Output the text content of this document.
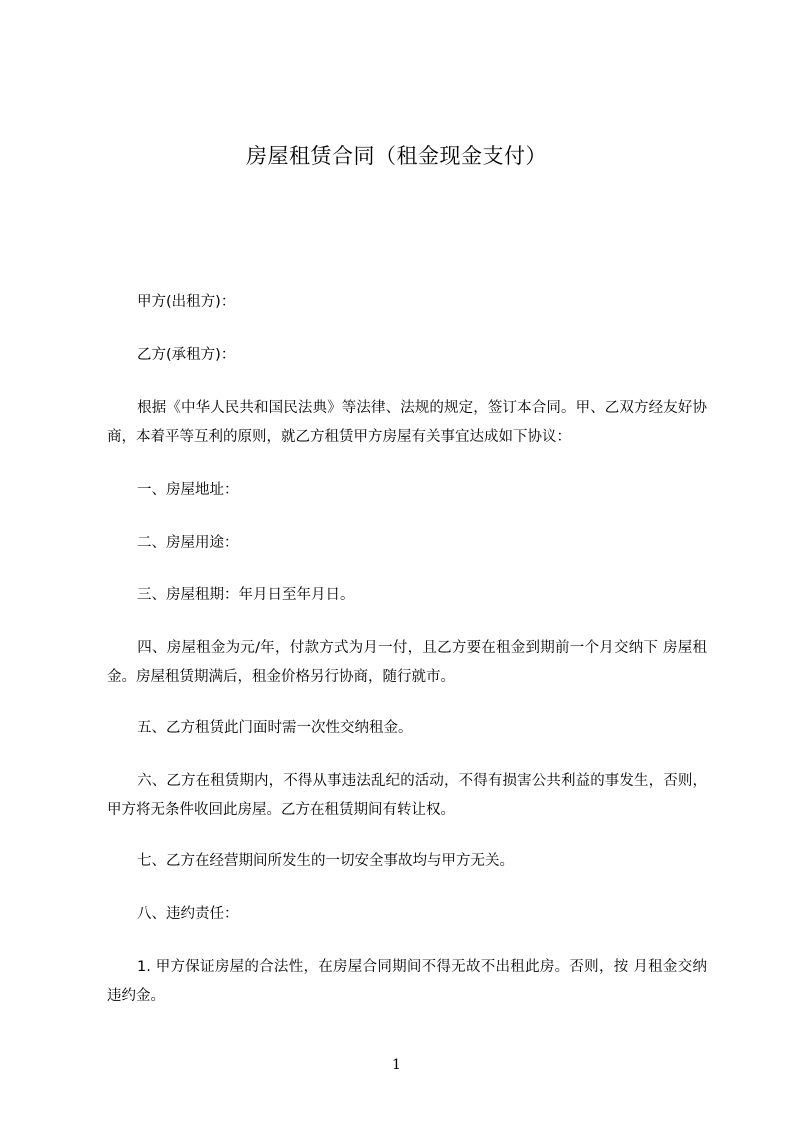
房屋租赁合同（租金现金支付）
甲方(出租方)：
乙方(承租方)：
根据《中华人民共和国民法典》等法律、法规的规定，签订本合同。甲、乙双方经友好协商，本着平等互利的原则，就乙方租赁甲方房屋有关事宜达成如下协议：
一、房屋地址：
二、房屋用途：
三、房屋租期：年月日至年月日。
四、房屋租金为元/年，付款方式为月一付，且乙方要在租金到期前一个月交纳下 房屋租金。房屋租赁期满后，租金价格另行协商，随行就市。
五、乙方租赁此门面时需一次性交纳租金。
六、乙方在租赁期内，不得从事违法乱纪的活动，不得有损害公共利益的事发生，否则，甲方将无条件收回此房屋。乙方在租赁期间有转让权。
七、乙方在经营期间所发生的一切安全事故均与甲方无关。
八、违约责任：
1. 甲方保证房屋的合法性，在房屋合同期间不得无故不出租此房。否则，按 月租金交纳违约金。
1
